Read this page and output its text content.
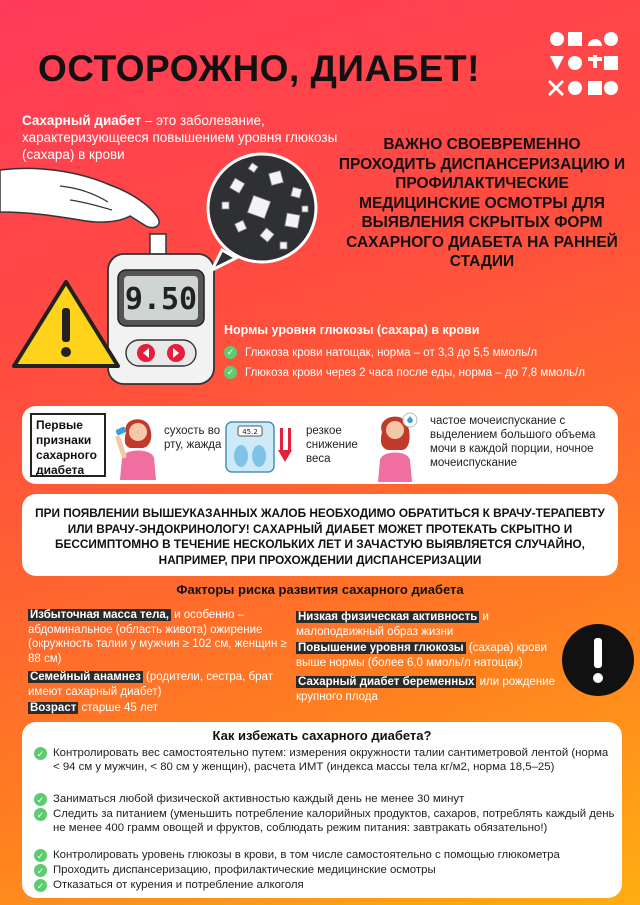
ОСТОРОЖНО, ДИАБЕТ!
Сахарный диабет – это заболевание, характеризующееся повышением уровня глюкозы (сахара) в крови
ВАЖНО СВОЕВРЕМЕННО ПРОХОДИТЬ ДИСПАНСЕРИЗАЦИЮ И ПРОФИЛАКТИЧЕСКИЕ МЕДИЦИНСКИЕ ОСМОТРЫ ДЛЯ ВЫЯВЛЕНИЯ СКРЫТЫХ ФОРМ САХАРНОГО ДИАБЕТА НА РАННЕЙ СТАДИИ
9.50
Нормы уровня глюкозы (сахара) в крови
✓ Глюкоза крови натощак, норма – от 3,3 до 5,5 ммоль/л
✓ Глюкоза крови через 2 часа после еды, норма – до 7,8 ммоль/л
Первые признаки сахарного диабета
сухость во рту, жажда
45.2	резкое снижение веса
частое мочеиспускание с выделением большого объема мочи в каждой порции, ночное мочеиспускание
ПРИ ПОЯВЛЕНИИ ВЫШЕУКАЗАННЫХ ЖАЛОБ НЕОБХОДИМО ОБРАТИТЬСЯ К ВРАЧУ-ТЕРАПЕВТУ ИЛИ ВРАЧУ-ЭНДОКРИНОЛОГУ! САХАРНЫЙ ДИАБЕТ МОЖЕТ ПРОТЕКАТЬ СКРЫТНО И БЕССИМПТОМНО В ТЕЧЕНИЕ НЕСКОЛЬКИХ ЛЕТ И ЗАЧАСТУЮ ВЫЯВЛЯЕТСЯ СЛУЧАЙНО, НАПРИМЕР, ПРИ ПРОХОЖДЕНИИ ДИСПАНСЕРИЗАЦИИ
Факторы риска развития сахарного диабета
Избыточная масса тела, и особенно – абдоминальное (область живота) ожирение (окружность талии у мужчин ≥ 102 см, женщин ≥ 88 см)
Семейный анамнез (родители, сестра, брат имеют сахарный диабет)
Возраст старше 45 лет
Низкая физическая активность и малоподвижный образ жизни
Повышение уровня глюкозы (сахара) крови выше нормы (более 6,0 ммоль/л натощак)
Сахарный диабет беременных или рождение крупного плода
Как избежать сахарного диабета?
✓ Контролировать вес самостоятельно путем: измерения окружности талии сантиметровой лентой (норма < 94 см у мужчин, < 80 см у женщин), расчета ИМТ (индекса массы тела кг/м2, норма 18,5–25)
✓ Заниматься любой физической активностью каждый день не менее 30 минут
✓ Следить за питанием (уменьшить потребление калорийных продуктов, сахаров, потреблять каждый день не менее 400 грамм овощей и фруктов, соблюдать режим питания: завтракать обязательно!)
✓ Контролировать уровень глюкозы в крови, в том числе самостоятельно с помощью глюкометра
✓ Проходить диспансеризацию, профилактические медицинские осмотры
✓ Отказаться от курения и потребление алкоголя
